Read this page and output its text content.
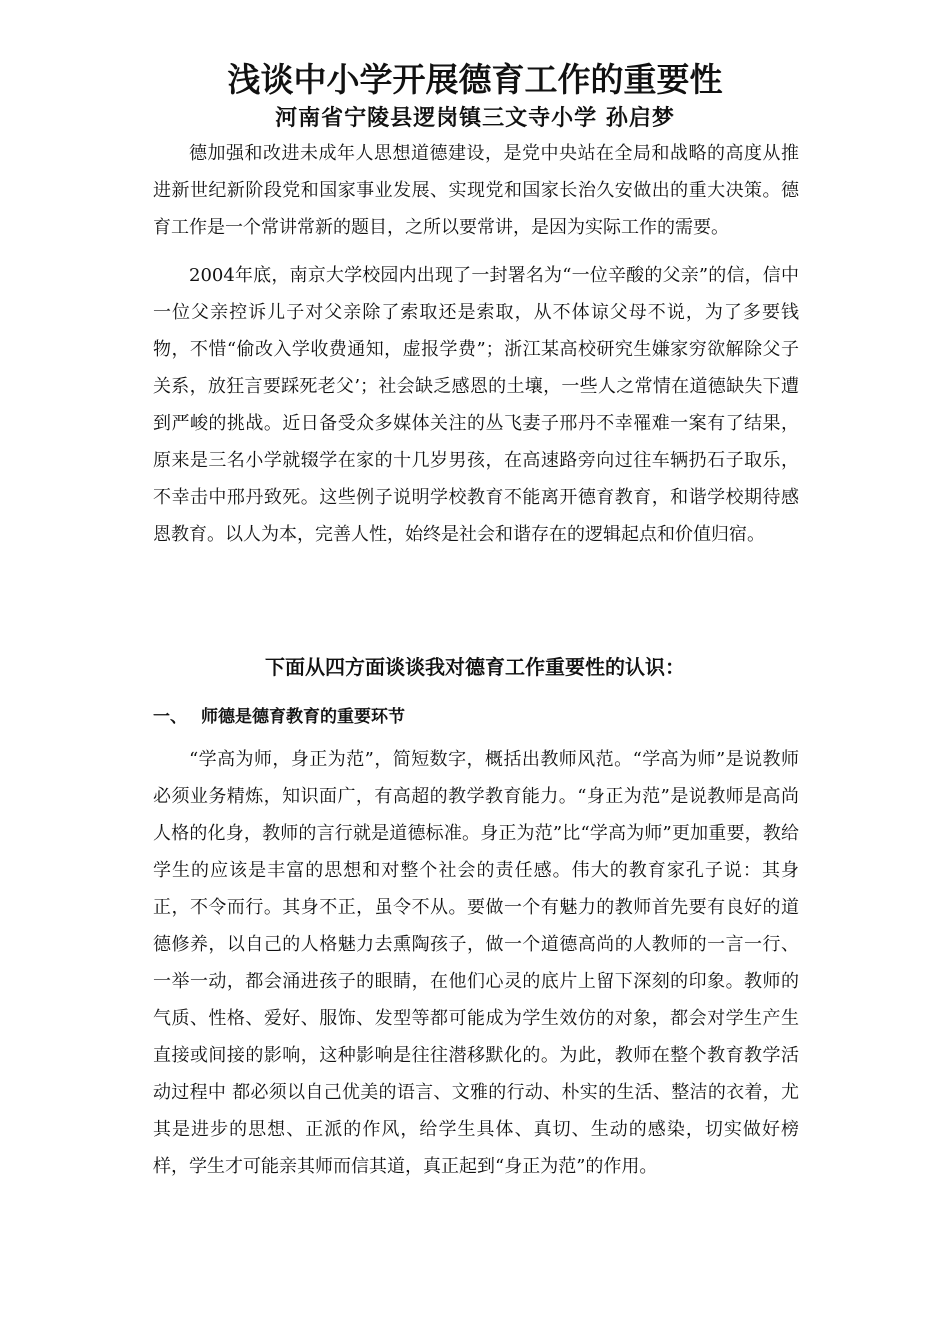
浅谈中小学开展德育工作的重要性
河南省宁陵县逻岗镇三文寺小学 孙启梦

德加强和改进未成年人思想道德建设，是党中央站在全局和战略的高度从推进新世纪新阶段党和国家事业发展、实现党和国家长治久安做出的重大决策。德育工作是一个常讲常新的题目，之所以要常讲，是因为实际工作的需要。

2004年底，南京大学校园内出现了一封署名为“一位辛酸的父亲”的信，信中一位父亲控诉儿子对父亲除了索取还是索取，从不体谅父母不说，为了多要钱物，不惜“偷改入学收费通知，虚报学费”；浙江某高校研究生嫌家穷欲解除父子关系，放狂言要踩死老父’；社会缺乏感恩的土壤，一些人之常情在道德缺失下遭到严峻的挑战。近日备受众多媒体关注的丛飞妻子邢丹不幸罹难一案有了结果，原来是三名小学就辍学在家的十几岁男孩，在高速路旁向过往车辆扔石子取乐，不幸击中邢丹致死。这些例子说明学校教育不能离开德育教育，和谐学校期待感恩教育。以人为本，完善人性，始终是社会和谐存在的逻辑起点和价值归宿。

下面从四方面谈谈我对德育工作重要性的认识：
一、 师德是德育教育的重要环节

“学高为师，身正为范”，简短数字，概括出教师风范。“学高为师”是说教师必须业务精炼，知识面广，有高超的教学教育能力。“身正为范”是说教师是高尚人格的化身，教师的言行就是道德标准。身正为范”比“学高为师”更加重要，教给学生的应该是丰富的思想和对整个社会的责任感。伟大的教育家孔子说：其身正，不令而行。其身不正，虽令不从。要做一个有魅力的教师首先要有良好的道德修养，以自己的人格魅力去熏陶孩子，做一个道德高尚的人教师的一言一行、一举一动，都会涌进孩子的眼睛，在他们心灵的底片上留下深刻的印象。教师的气质、性格、爱好、服饰、发型等都可能成为学生效仿的对象，都会对学生产生直接或间接的影响，这种影响是往往潜移默化的。为此，教师在整个教育教学活动过程中 都必须以自己优美的语言、文雅的行动、朴实的生活、整洁的衣着，尤其是进步的思想、正派的作风，给学生具体、真切、生动的感染，切实做好榜样，学生才可能亲其师而信其道，真正起到“身正为范”的作用。
